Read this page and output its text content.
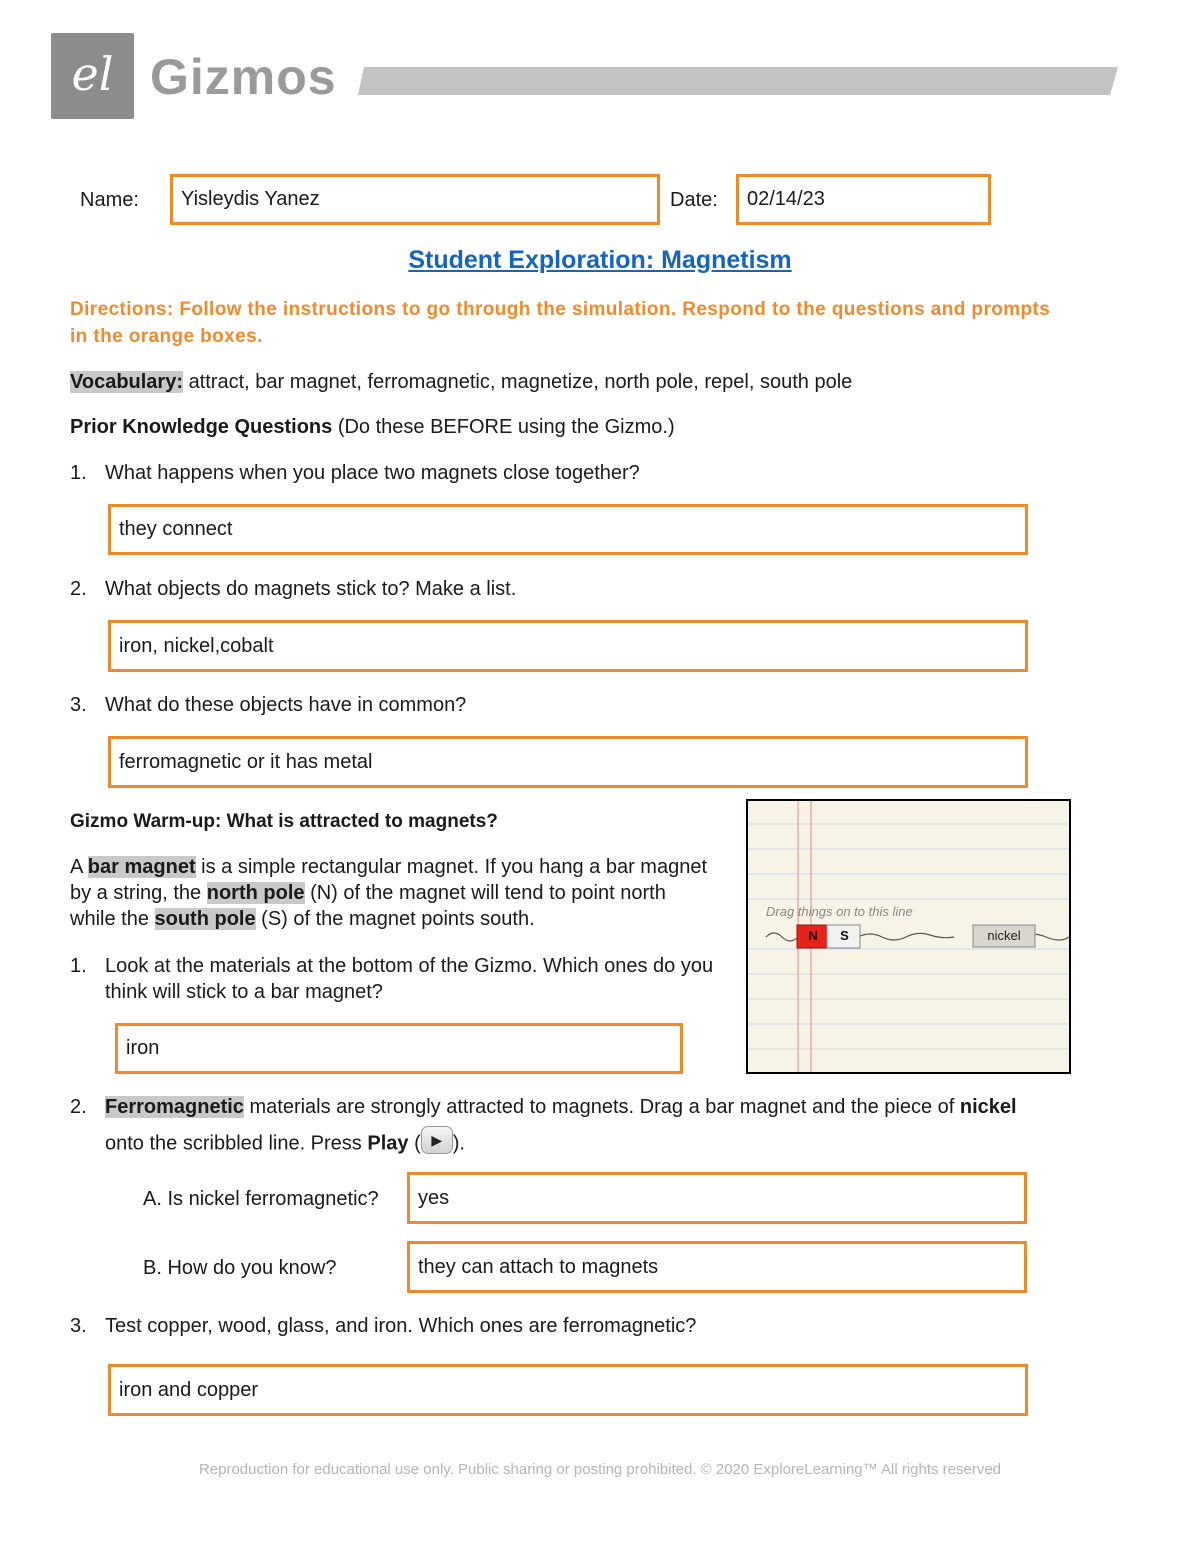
el Gizmos
Name:	Yisleydis Yanez	Date:	02/14/23
Student Exploration: Magnetism
Directions: Follow the instructions to go through the simulation. Respond to the questions and prompts in the orange boxes.
Vocabulary: attract, bar magnet, ferromagnetic, magnetize, north pole, repel, south pole
Prior Knowledge Questions (Do these BEFORE using the Gizmo.)
1. What happens when you place two magnets close together?
they connect
2. What objects do magnets stick to? Make a list.
iron, nickel,cobalt
3. What do these objects have in common?
ferromagnetic or it has metal
Gizmo Warm-up: What is attracted to magnets?
A bar magnet is a simple rectangular magnet. If you hang a bar magnet by a string, the north pole (N) of the magnet will tend to point north while the south pole (S) of the magnet points south.
1. Look at the materials at the bottom of the Gizmo. Which ones do you think will stick to a bar magnet?
iron
Drag things on to this line
N	S	nickel
2. Ferromagnetic materials are strongly attracted to magnets. Drag a bar magnet and the piece of nickel
onto the scribbled line. Press Play ( ▶ ).
A. Is nickel ferromagnetic?	yes
B. How do you know?	they can attach to magnets
3. Test copper, wood, glass, and iron. Which ones are ferromagnetic?
iron and copper
Reproduction for educational use only. Public sharing or posting prohibited. © 2020 ExploreLearning™ All rights reserved
